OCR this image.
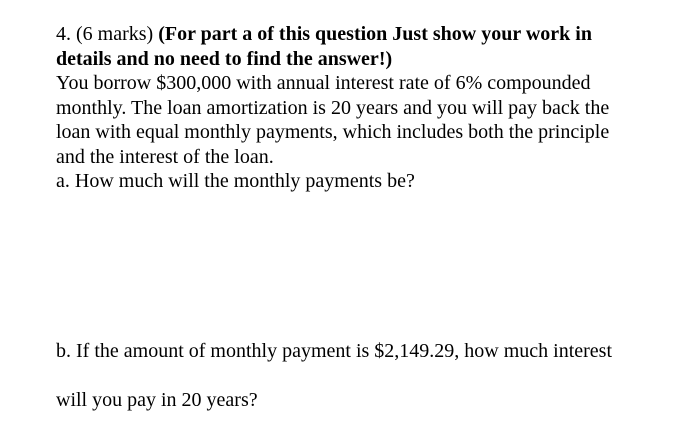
4. (6 marks) (For part a of this question Just show your work in

details and no need to find the answer!)

You borrow $300,000 with annual interest rate of 6% compounded

monthly. The loan amortization is 20 years and you will pay back the

loan with equal monthly payments, which includes both the principle

and the interest of the loan.

a. How much will the monthly payments be?

b. If the amount of monthly payment is $2,149.29, how much interest

will you pay in 20 years?
